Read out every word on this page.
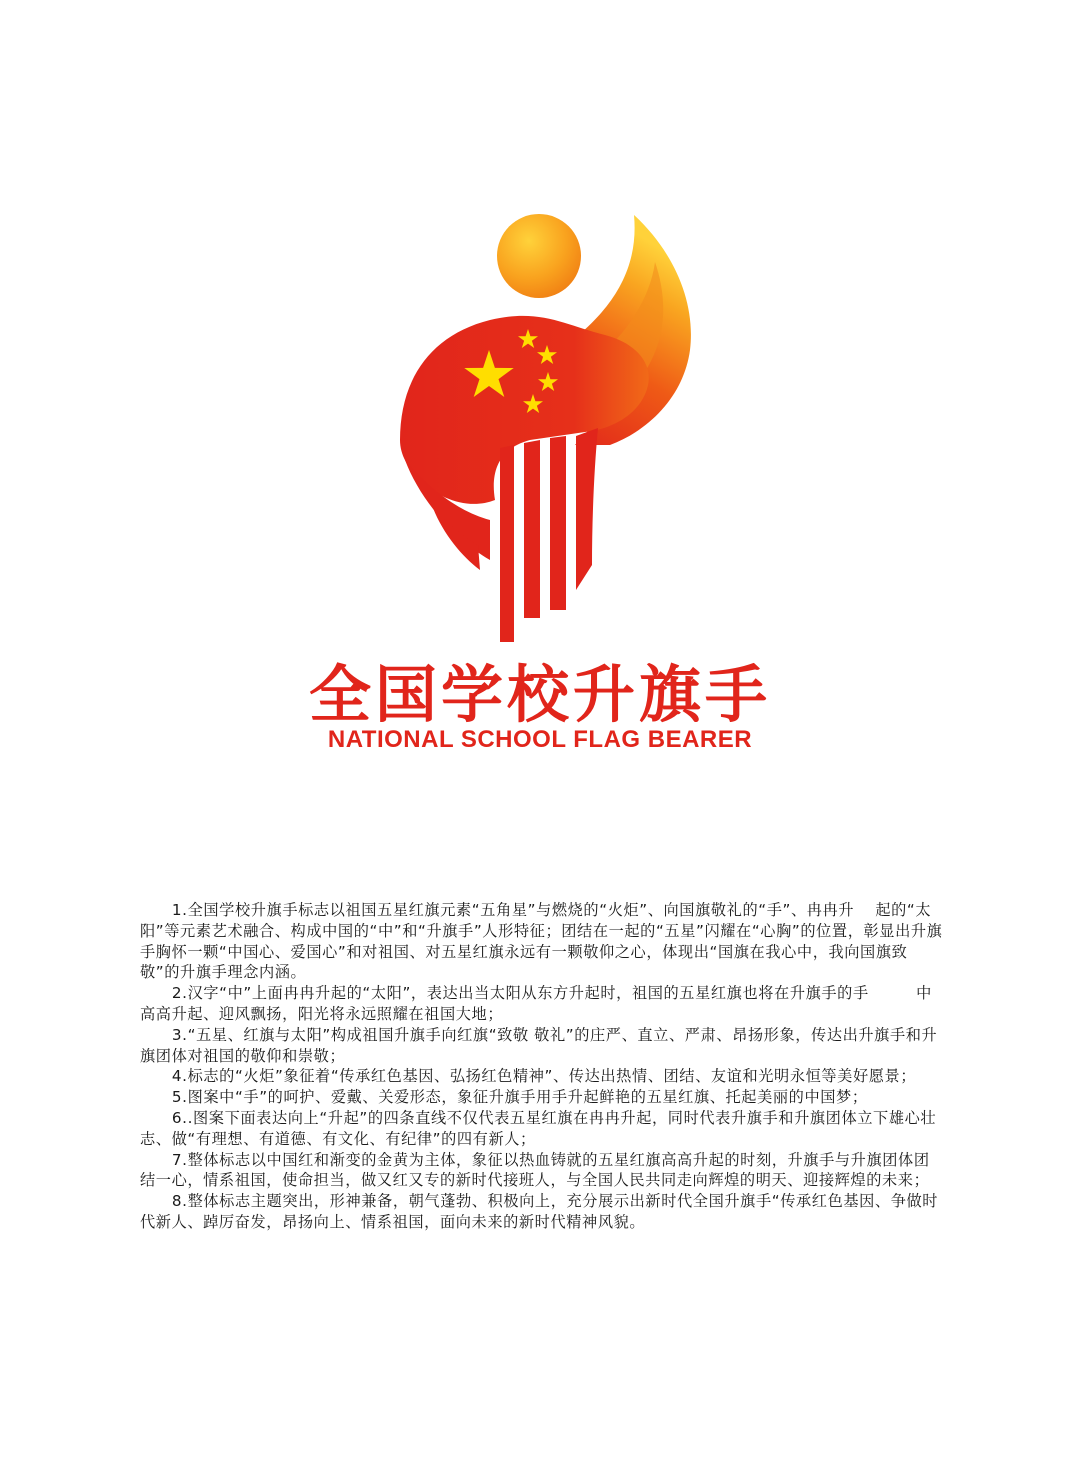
全国学校升旗手
NATIONAL SCHOOL FLAG BEARER

1.全国学校升旗手标志以祖国五星红旗元素“五角星”与燃烧的“火炬”、向国旗敬礼的“手”、冉冉升　 起的“太阳”等元素艺术融合、构成中国的“中”和“升旗手”人形特征；团结在一起的“五星”闪耀在“心胸”的位置，彰显出升旗手胸怀一颗“中国心、爱国心”和对祖国、对五星红旗永远有一颗敬仰之心，体现出“国旗在我心中，我向国旗致敬”的升旗手理念内涵。

2.汉字“中”上面冉冉升起的“太阳”，表达出当太阳从东方升起时，祖国的五星红旗也将在升旗手的手　　　中高高升起、迎风飘扬，阳光将永远照耀在祖国大地；

3.“五星、红旗与太阳”构成祖国升旗手向红旗“致敬 敬礼”的庄严、直立、严肃、昂扬形象，传达出升旗手和升旗团体对祖国的敬仰和崇敬；

4.标志的“火炬”象征着“传承红色基因、弘扬红色精神”、传达出热情、团结、友谊和光明永恒等美好愿景；

5.图案中“手”的呵护、爱戴、关爱形态，象征升旗手用手升起鲜艳的五星红旗、托起美丽的中国梦；

6..图案下面表达向上“升起”的四条直线不仅代表五星红旗在冉冉升起，同时代表升旗手和升旗团体立下雄心壮志、做“有理想、有道德、有文化、有纪律”的四有新人；

7.整体标志以中国红和渐变的金黄为主体，象征以热血铸就的五星红旗高高升起的时刻，升旗手与升旗团体团结一心，情系祖国，使命担当，做又红又专的新时代接班人，与全国人民共同走向辉煌的明天、迎接辉煌的未来；

8.整体标志主题突出，形神兼备，朝气蓬勃、积极向上，充分展示出新时代全国升旗手“传承红色基因、争做时代新人、踔厉奋发，昂扬向上、情系祖国，面向未来的新时代精神风貌。
